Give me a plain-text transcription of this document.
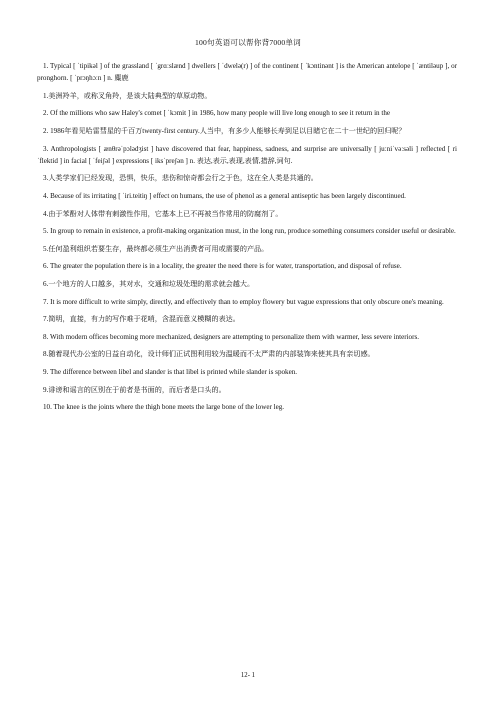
100句英语可以帮你背7000单词

1. Typical [ ˈtipikəl ] of the grassland [ ˈgrɑːslænd ] dwellers [ ˈdwelə(r) ] of the continent [ ˈkɔntinənt ] is the American antelope [ ˈæntiləup ], or pronghorn. [ ˈprɔŋhɔːn ] n. 麋鹿

1.美洲羚羊，或称叉角羚，是该大陆典型的草原动物。

2. Of the millions who saw Haley's comet [ ˈkɔmit ] in 1986, how many people will live long enough to see it return in the

2. 1986年看见哈雷彗星的千百万twenty-first century.人当中，有多少人能够长寿到足以目睹它在二十一世纪的回归呢？

3. Anthropologists [ ænθrəˈpɔlədʒist ] have discovered that fear, happiness, sadness, and surprise are universally [ juːniˈvəːsəli ] reflected [ riˈflektid ] in facial [ ˈfeiʃəl ] expressions [ iksˈpreʃən ] n. 表达,表示,表现,表情,措辞,词句.

3.人类学家们已经发现，恐惧，快乐，悲伤和惊奇都会行之于色，这在全人类是共通的。

4. Because of its irritating [ ˈiri.teitiŋ ] effect on humans, the use of phenol as a general antiseptic has been largely discontinued.

4.由于苯酚对人体带有刺激性作用，它基本上已不再被当作常用的防腐剂了。

5. In group to remain in existence, a profit-making organization must, in the long run, produce something consumers consider useful or desirable.

5.任何盈利组织若要生存，最终都必须生产出消费者可用或需要的产品。

6. The greater the population there is in a locality, the greater the need there is for water, transportation, and disposal of refuse.

6.一个地方的人口越多，其对水，交通和垃圾处理的需求就会越大。

7. It is more difficult to write simply, directly, and effectively than to employ flowery but vague expressions that only obscure one's meaning.

7.简明，直接，有力的写作难于花哨，含混而意义模糊的表达。

8. With modern offices becoming more mechanized, designers are attempting to personalize them with warmer, less severe interiors.

8.随着现代办公室的日益自动化，设计师们正试图利用较为温暖而不太严肃的内部装饰来使其具有亲切感。

9. The difference between libel and slander is that libel is printed while slander is spoken.

9.诽谤和谣言的区别在于前者是书面的，而后者是口头的。

10. The knee is the joints where the thigh bone meets the large bone of the lower leg.

12- 1
